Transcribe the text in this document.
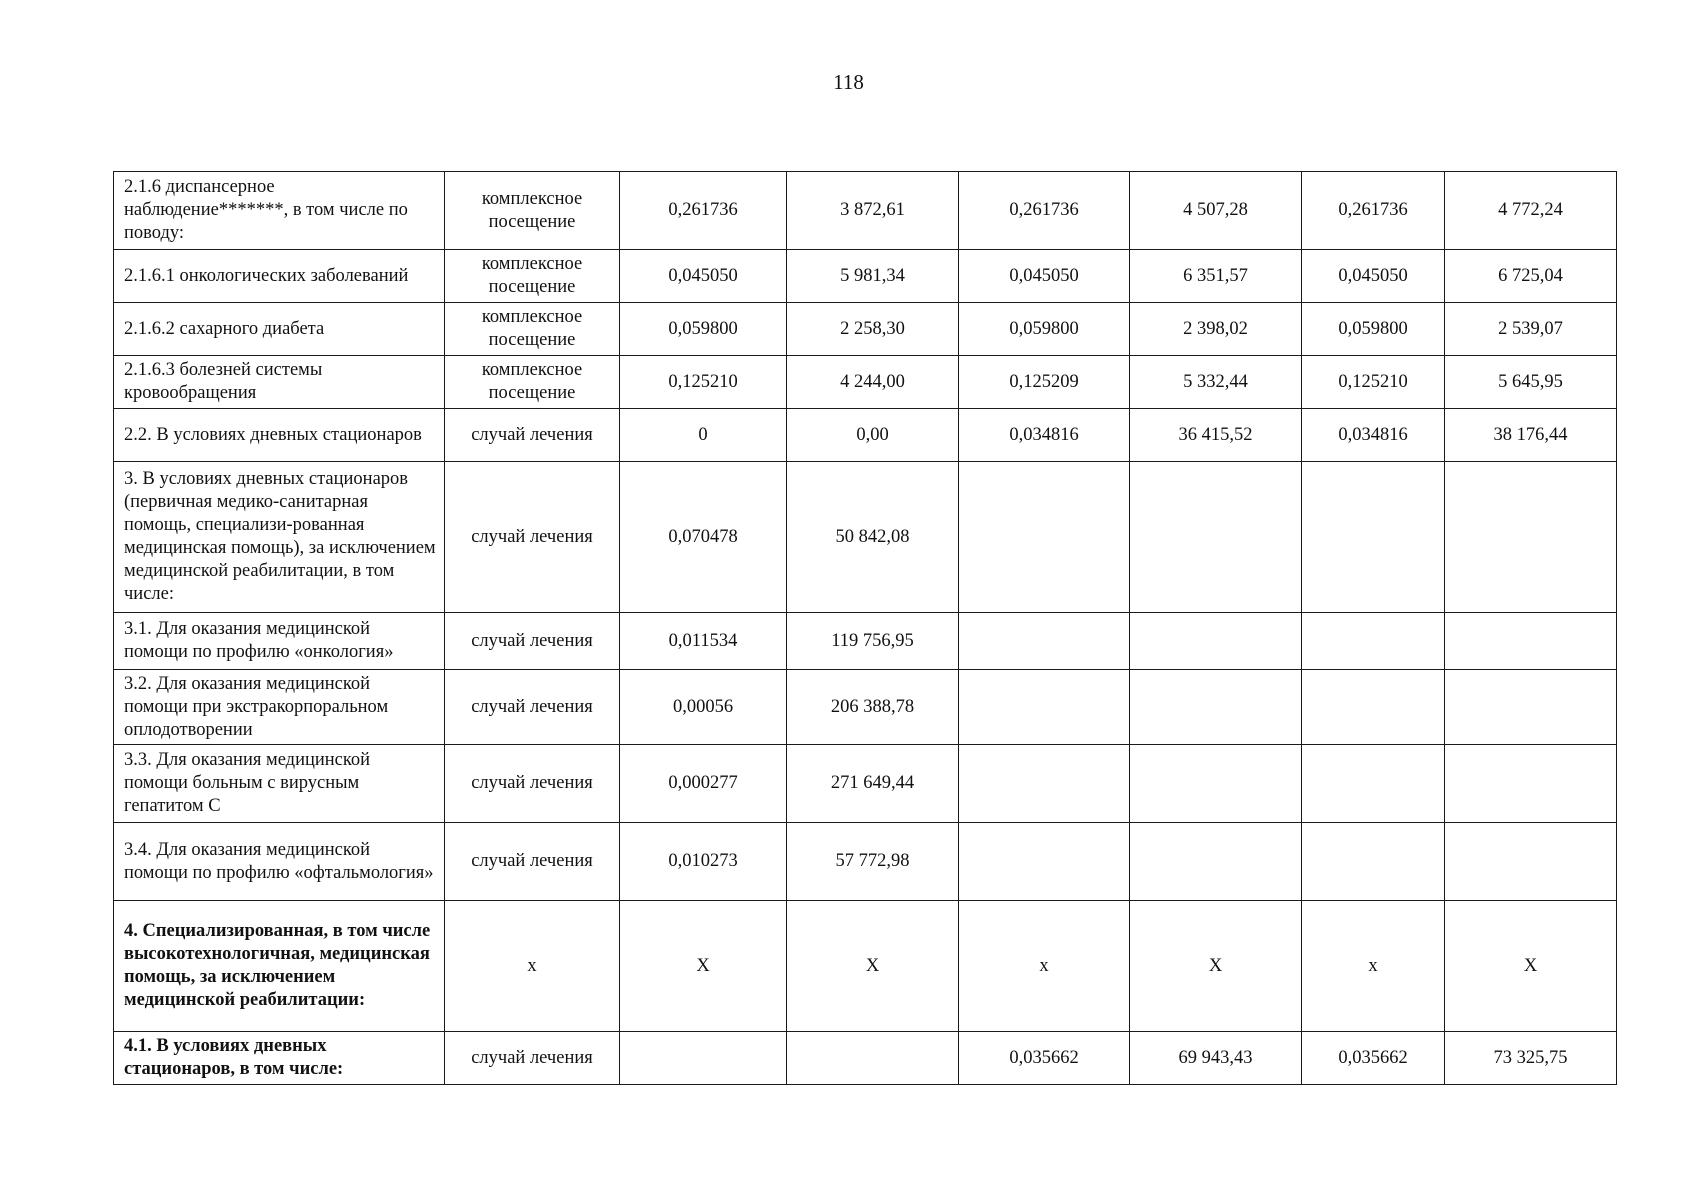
118
2.1.6 диспансерное наблюдение*******, в том числе по поводу:	комплексное посещение	0,261736	3 872,61	0,261736	4 507,28	0,261736	4 772,24
2.1.6.1 онкологических заболеваний	комплексное посещение	0,045050	5 981,34	0,045050	6 351,57	0,045050	6 725,04
2.1.6.2 сахарного диабета	комплексное посещение	0,059800	2 258,30	0,059800	2 398,02	0,059800	2 539,07
2.1.6.3 болезней системы кровообращения	комплексное посещение	0,125210	4 244,00	0,125209	5 332,44	0,125210	5 645,95
2.2. В условиях дневных стационаров	случай лечения	0	0,00	0,034816	36 415,52	0,034816	38 176,44
3. В условиях дневных стационаров (первичная медико-санитарная помощь, специализи-рованная медицинская помощь), за исключением медицинской реабилитации, в том числе:	случай лечения	0,070478	50 842,08				
3.1. Для оказания медицинской помощи по профилю «онкология»	случай лечения	0,011534	119 756,95				
3.2. Для оказания медицинской помощи при экстракорпоральном оплодотворении	случай лечения	0,00056	206 388,78				
3.3. Для оказания медицинской помощи больным с вирусным гепатитом С	случай лечения	0,000277	271 649,44				
3.4. Для оказания медицинской помощи по профилю «офтальмология»	случай лечения	0,010273	57 772,98				
4. Специализированная, в том числе высокотехнологичная, медицинская помощь, за исключением медицинской реабилитации:	х	Х	Х	х	Х	х	Х
4.1. В условиях дневных стационаров, в том числе:	случай лечения			0,035662	69 943,43	0,035662	73 325,75
